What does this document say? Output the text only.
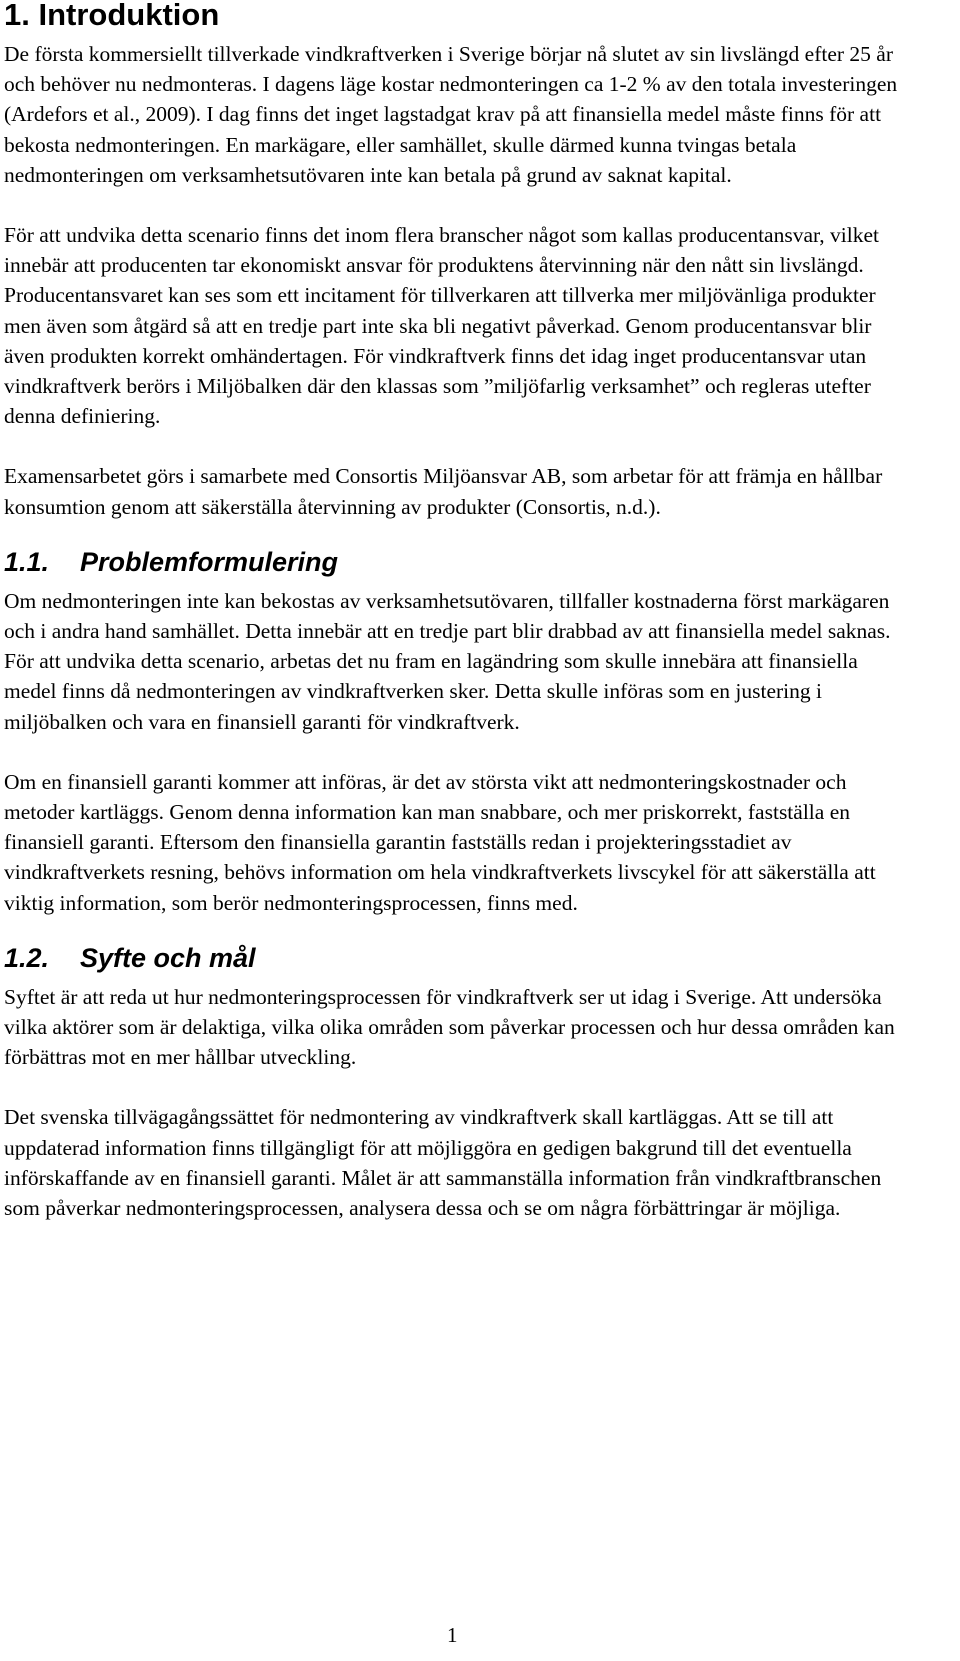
1. Introduktion

De första kommersiellt tillverkade vindkraftverken i Sverige börjar nå slutet av sin livslängd efter 25 år och behöver nu nedmonteras. I dagens läge kostar nedmonteringen ca 1-2 % av den totala investeringen (Ardefors et al., 2009). I dag finns det inget lagstadgat krav på att finansiella medel måste finns för att bekosta nedmonteringen. En markägare, eller samhället, skulle därmed kunna tvingas betala nedmonteringen om verksamhetsutövaren inte kan betala på grund av saknat kapital.

För att undvika detta scenario finns det inom flera branscher något som kallas producentansvar, vilket innebär att producenten tar ekonomiskt ansvar för produktens återvinning när den nått sin livslängd. Producentansvaret kan ses som ett incitament för tillverkaren att tillverka mer miljövänliga produkter men även som åtgärd så att en tredje part inte ska bli negativt påverkad. Genom producentansvar blir även produkten korrekt omhändertagen. För vindkraftverk finns det idag inget producentansvar utan vindkraftverk berörs i Miljöbalken där den klassas som ”miljöfarlig verksamhet” och regleras utefter denna definiering.

Examensarbetet görs i samarbete med Consortis Miljöansvar AB, som arbetar för att främja en hållbar konsumtion genom att säkerställa återvinning av produkter (Consortis, n.d.).

1.1. Problemformulering

Om nedmonteringen inte kan bekostas av verksamhetsutövaren, tillfaller kostnaderna först markägaren och i andra hand samhället. Detta innebär att en tredje part blir drabbad av att finansiella medel saknas. För att undvika detta scenario, arbetas det nu fram en lagändring som skulle innebära att finansiella medel finns då nedmonteringen av vindkraftverken sker. Detta skulle införas som en justering i miljöbalken och vara en finansiell garanti för vindkraftverk.

Om en finansiell garanti kommer att införas, är det av största vikt att nedmonteringskostnader och metoder kartläggs. Genom denna information kan man snabbare, och mer priskorrekt, fastställa en finansiell garanti. Eftersom den finansiella garantin fastställs redan i projekteringsstadiet av vindkraftverkets resning, behövs information om hela vindkraftverkets livscykel för att säkerställa att viktig information, som berör nedmonteringsprocessen, finns med.

1.2. Syfte och mål

Syftet är att reda ut hur nedmonteringsprocessen för vindkraftverk ser ut idag i Sverige. Att undersöka vilka aktörer som är delaktiga, vilka olika områden som påverkar processen och hur dessa områden kan förbättras mot en mer hållbar utveckling.

Det svenska tillvägagångssättet för nedmontering av vindkraftverk skall kartläggas. Att se till att uppdaterad information finns tillgängligt för att möjliggöra en gedigen bakgrund till det eventuella införskaffande av en finansiell garanti. Målet är att sammanställa information från vindkraftbranschen som påverkar nedmonteringsprocessen, analysera dessa och se om några förbättringar är möjliga.

1
